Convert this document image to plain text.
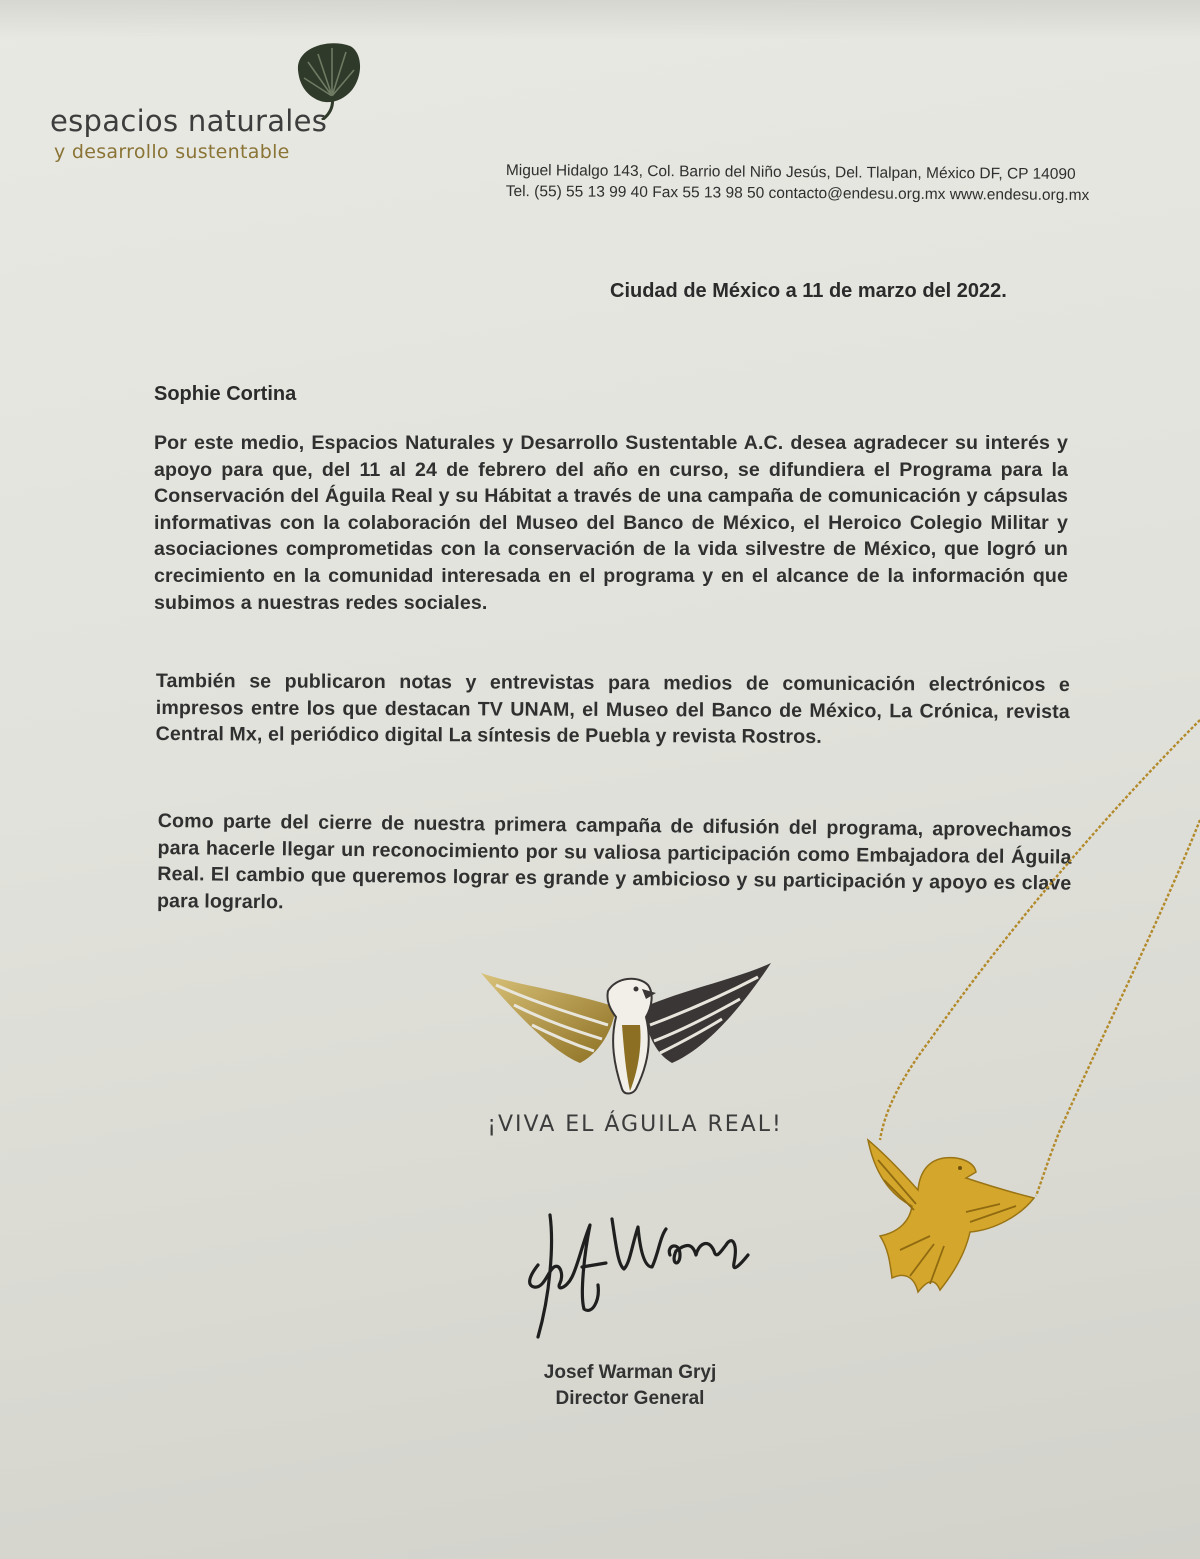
espacios naturales
y desarrollo sustentable
Miguel Hidalgo 143, Col. Barrio del Niño Jesús, Del. Tlalpan, México DF, CP 14090
Tel. (55) 55 13 99 40 Fax 55 13 98 50 contacto@endesu.org.mx www.endesu.org.mx
Ciudad de México a 11 de marzo del 2022.
Sophie Cortina
Por este medio, Espacios Naturales y Desarrollo Sustentable A.C. desea agradecer su interés y apoyo para que, del 11 al 24 de febrero del año en curso, se difundiera el Programa para la Conservación del Águila Real y su Hábitat a través de una campaña de comunicación y cápsulas informativas con la colaboración del Museo del Banco de México, el Heroico Colegio Militar y asociaciones comprometidas con la conservación de la vida silvestre de México, que logró un crecimiento en la comunidad interesada en el programa y en el alcance de la información que subimos a nuestras redes sociales.
También se publicaron notas y entrevistas para medios de comunicación electrónicos e impresos entre los que destacan TV UNAM, el Museo del Banco de México, La Crónica, revista Central Mx, el periódico digital La síntesis de Puebla y revista Rostros.
Como parte del cierre de nuestra primera campaña de difusión del programa, aprovechamos para hacerle llegar un reconocimiento por su valiosa participación como Embajadora del Águila Real. El cambio que queremos lograr es grande y ambicioso y su participación y apoyo es clave para lograrlo.
¡VIVA EL ÁGUILA REAL!
Josef Warman Gryj
Director General
